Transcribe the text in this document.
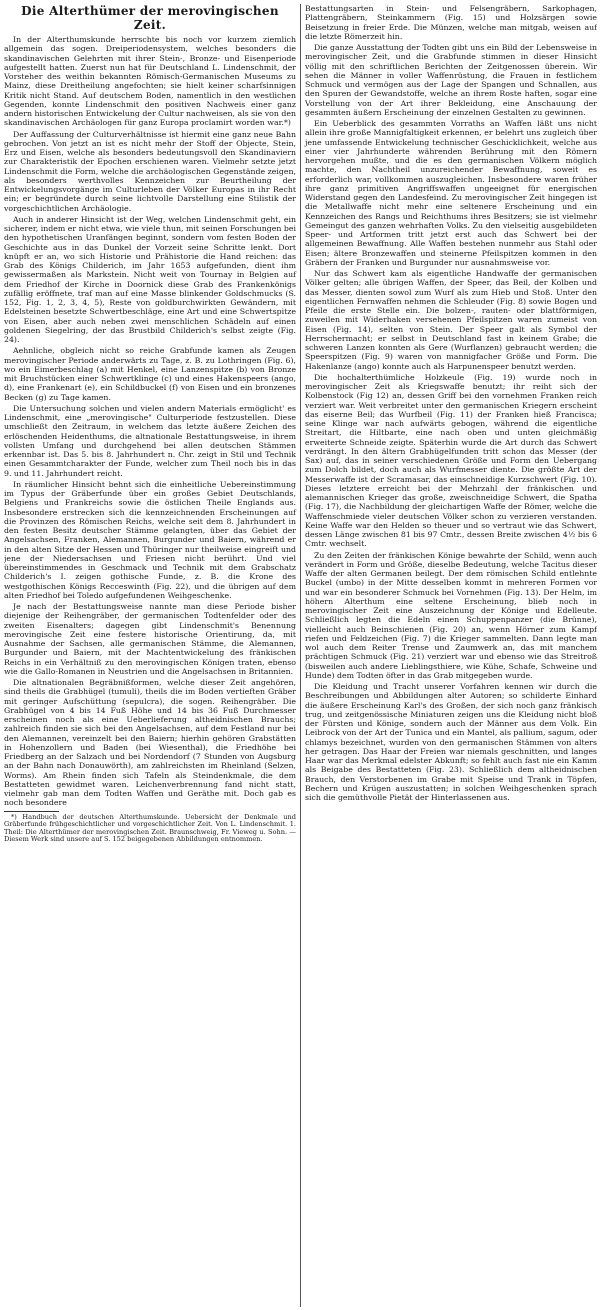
Die Alterthümer der merovingischen Zeit.

In der Alterthumskunde herrschte bis noch vor kurzem ziemlich allgemein das sogen. Dreiperiodensystem, welches besonders die skandinavischen Gelehrten mit ihrer Stein-, Bronze- und Eisenperiode aufgestellt hatten. Zuerst nun hat für Deutschland L. Lindenschmit, der Vorsteher des weithin bekannten Römisch-Germanischen Museums zu Mainz, diese Dreitheilung angefochten; sie hielt keiner scharfsinnigen Kritik nicht Stand. Auf deutschem Boden, namentlich in den westlichen Gegenden, konnte Lindenschmit den positiven Nachweis einer ganz andern historischen Entwickelung der Cultur nachweisen, als sie von den skandinavischen Archäologen für ganz Europa proclamirt worden war.*)

Der Auffassung der Culturverhältnisse ist hiermit eine ganz neue Bahn gebrochen. Von jetzt an ist es nicht mehr der Stoff der Objecte, Stein, Erz und Eisen, welche als besonders bedeutungsvoll den Skandinaviern zur Charakteristik der Epochen erschienen waren. Vielmehr setzte jetzt Lindenschmit die Form, welche die archäologischen Gegenstände zeigen, als besonders werthvolles Kennzeichen zur Beurtheilung der Entwickelungsvorgänge im Culturleben der Völker Europas in ihr Recht ein; er begründete durch seine lichtvolle Darstellung eine Stilistik der vorgeschichtlichen Archäologie.

Auch in anderer Hinsicht ist der Weg, welchen Lindenschmit geht, ein sicherer, indem er nicht etwa, wie viele thun, mit seinen Forschungen bei den hypothetischen Uranfängen beginnt, sondern vom festen Boden der Geschichte aus in das Dunkel der Vorzeit seine Schritte lenkt. Dort knüpft er an, wo sich Historie und Prähistorie die Hand reichen: das Grab des Königs Childerich, im Jahr 1653 aufgefunden, dient ihm gewissermaßen als Markstein. Nicht weit von Tournay in Belgien auf dem Friedhof der Kirche in Doornick diese Grab des Frankenkönigs zufällig eröffnete, traf man auf eine Masse blinkender Goldschmucks (S. 152, Fig. 1, 2, 3, 4, 5), Reste von goldburchwirkten Gewändern, mit Edelsteinen besetzte Schwertbeschläge, eine Art und eine Schwertspitze von Eisen, aber auch neben zwei menschlichen Schädeln auf einen goldenen Siegelring, der das Brustbild Childerich's selbst zeigte (Fig. 24).

Aehnliche, obgleich nicht so reiche Grabfunde kamen als Zeugen merovingischer Periode anderwärts zu Tage, z. B. zu Lothringen (Fig. 6), wo ein Eimerbeschlag (a) mit Henkel, eine Lanzenspitze (b) von Bronze mit Bruchstücken einer Schwertklinge (c) und eines Hakenspeers (ango, d), eine Frankenart (e), ein Schildbuckel (f) von Eisen und ein bronzenes Becken (g) zu Tage kamen.

Die Untersuchung solchen und vielen andern Materials ermöglicht' es Lindenschmit, eine „merovingische" Culturperiode festzustellen. Diese umschließt den Zeitraum, in welchem das letzte äußere Zeichen des erlöschenden Heidenthums, die altnationale Bestattungsweise, in ihrem vollsten Umfang und durchgehend bei allen deutschen Stämmen erkennbar ist. Das 5. bis 8. Jahrhundert n. Chr. zeigt in Stil und Technik einen Gesammtcharakter der Funde, welcher zum Theil noch bis in das 9. und 11. Jahrhundert reicht.

In räumlicher Hinsicht behnt sich die einheitliche Uebereinstimmung im Typus der Gräberfunde über ein großes Gebiet Deutschlands, Belgiens und Frankreichs sowie die östlichen Theile Englands aus. Insbesondere erstrecken sich die kennzeichnenden Erscheinungen auf die Provinzen des Römischen Reichs, welche seit dem 8. Jahrhundert in den festen Besitz deutscher Stämme gelangten, über das Gebiet der Angelsachsen, Franken, Alemannen, Burgunder und Baiern, während er in den alten Sitze der Hessen und Thüringer nur theilweise eingreift und jene der Niedersachsen und Friesen nicht berührt. Und viel übereinstimmendes in Geschmack und Technik mit dem Grabschatz Childerich's I. zeigen gothische Funde, z. B. die Krone des westgothischen Königs Recceswinth (Fig. 22), und die übrigen auf dem alten Friedhof bei Toledo aufgefundenen Weihgeschenke.

Je nach der Bestattungsweise nannte man diese Periode bisher diejenige der Reihengräber, der germanischen Todtenfelder oder des zweiten Eisenalters; dagegen gibt Lindenschmit's Benennung merovingische Zeit eine festere historische Orientirung, da, mit Ausnahme der Sachsen, alle germanischen Stämme, die Alemannen, Burgunder und Baiern, mit der Machtentwickelung des fränkischen Reichs in ein Verhältniß zu den merovingischen Königen traten, ebenso wie die Gallo-Romanen in Neustrien und die Angelsachsen in Britannien.

Die altnationalen Begräbnißformen, welche dieser Zeit angehören, sind theils die Grabhügel (tumuli), theils die im Boden vertieften Gräber mit geringer Aufschüttung (sepulcra), die sogen. Reihengräber. Die Grabhügel von 4 bis 14 Fuß Höhe und 14 bis 36 Fuß Durchmesser erscheinen noch als eine Ueberlieferung altheidnischen Brauchs; zahlreich finden sie sich bei den Angelsachsen, auf dem Festland nur bei den Alemannen, vereinzelt bei den Baiern; hierhin gehören Grabstätten in Hohenzollern und Baden (bei Wiesenthal), die Friedhöhe bei Friedberg an der Salzach und bei Nordendorf (7 Stunden von Augsburg an der Bahn nach Donauwörth), am zahlreichsten im Rheinland (Selzen, Worms). Am Rhein finden sich Tafeln als Steindenkmale, die dem Bestatteten gewidmet waren. Leichenverbrennung fand nicht statt, vielmehr gab man dem Todten Waffen und Geräthe mit. Doch gab es noch besondere

*) Handbuch der deutschen Alterthumskunde. Uebersicht der Denkmale und Gräberfunde frühgeschichtlicher und vorgeschichtlicher Zeit. Von L. Lindenschmit. 1. Theil: Die Alterthümer der merovingischen Zeit. Braunschweig, Fr. Vieweg u. Sohn. — Diesem Werk sind unsere auf S. 152 beigegebenen Abbildungen entnommen.

Bestattungsarten in Stein- und Felsengräbern, Sarkophagen, Plattengräbern, Steinkammern (Fig. 15) und Holzsärgen sowie Beisetzung in freier Erde. Die Münzen, welche man mitgab, weisen auf die letzte Römerzeit hin.

Die ganze Ausstattung der Todten gibt uns ein Bild der Lebensweise in merovingischer Zeit, und die Grabfunde stimmen in dieser Hinsicht völlig mit den schriftlichen Berichten der Zeitgenossen überein. Wir sehen die Männer in voller Waffenrüstung, die Frauen in festlichem Schmuck und vermögen aus der Lage der Spangen und Schnallen, aus den Spuren der Gewandstoffe, welche an ihrem Roste haften, sogar eine Vorstellung von der Art ihrer Bekleidung, eine Anschauung der gesammten äußern Erscheinung der einzelnen Gestalten zu gewinnen.

Ein Ueberblick des gesammten Vorraths an Waffen läßt uns nicht allein ihre große Mannigfaltigkeit erkennen, er belehrt uns zugleich über jene umfassende Entwickelung technischer Geschicklichkeit, welche aus einer vier Jahrhunderte währenden Berührung mit den Römern hervorgehen mußte, und die es den germanischen Völkern möglich machte, den Nachtheil unzureichender Bewaffnung, soweit es erforderlich war, vollkommen auszugleichen. Insbesondere waren früher ihre ganz primitiven Angriffswaffen ungeeignet für energischen Widerstand gegen den Landesfeind. Zu merovingischer Zeit hingegen ist die Metallwaffe nicht mehr eine seltenere Erscheinung und ein Kennzeichen des Rangs und Reichthums ihres Besitzers; sie ist vielmehr Gemeingut des ganzen wehrhaften Volks. Zu den vielseitig ausgebildeten Speer- und Artformen tritt jetzt erst auch das Schwert bei der allgemeinen Bewaffnung. Alle Waffen bestehen nunmehr aus Stahl oder Eisen; ältere Bronzewaffen und steinerne Pfeilspitzen kommen in den Gräbern der Franken und Burgunder nur ausnahmsweise vor.

Nur das Schwert kam als eigentliche Handwaffe der germanischen Völker gelten; alle übrigen Waffen, der Speer, das Beil, der Kolben und das Messer, dienten sowol zum Wurf als zum Hieb und Stoß. Unter den eigentlichen Fernwaffen nehmen die Schleuder (Fig. 8) sowie Bogen und Pfeile die erste Stelle ein. Die bolzen-, rauten- oder blattförmigen, zuweilen mit Widerhaken versehenen Pfeilspitzen waren zumeist von Eisen (Fig. 14), selten von Stein. Der Speer galt als Symbol der Herrschermacht; er selbst in Deutschland fast in keinem Grabe; die schweren Lanzen konnten als Gere (Wurflanzen) gebraucht werden; die Speerspitzen (Fig. 9) waren von mannigfacher Größe und Form. Die Hakenlanze (ango) konnte auch als Harpunenspeer benutzt werden.

Die hochalterthümliche Holzkeule (Fig. 19) wurde noch in merovingischer Zeit als Kriegswaffe benutzt; ihr reiht sich der Kolbenstock (Fig 12) an, dessen Griff bei den vornehmen Franken reich verziert war. Weit verbreitet unter den germanischen Kriegern erscheint das eiserne Beil; das Wurfbeil (Fig. 11) der Franken hieß Francisca; seine Klinge war nach aufwärts gebogen, während die eigentliche Streitart, die Hiltbarte, eine nach oben und unten gleichmäßig erweiterte Schneide zeigte. Späterhin wurde die Art durch das Schwert verdrängt. In den ältern Grabhügelfunden tritt schon das Messer (der Sax) auf, das in seiner verschiedenen Größe und Form den Uebergang zum Dolch bildet, doch auch als Wurfmesser diente. Die größte Art der Messerwaffe ist der Scramasar, das einschneidige Kurzschwert (Fig. 10). Dieses letztere erreicht bei der Mehrzahl der fränkischen und alemannischen Krieger das große, zweischneidige Schwert, die Spatha (Fig. 17), die Nachbildung der gleichartigen Waffe der Römer, welche die Waffenschmiede vieler deutschen Völker schon zu verzieren verstanden. Keine Waffe war den Helden so theuer und so vertraut wie das Schwert, dessen Länge zwischen 81 bis 97 Cmtr., dessen Breite zwischen 4½ bis 6 Cmtr. wechselt.

Zu den Zeiten der fränkischen Könige bewahrte der Schild, wenn auch verändert in Form und Größe, dieselbe Bedeutung, welche Tacitus dieser Waffe der alten Germanen beilegt. Der dem römischen Schild entlehnte Buckel (umbo) in der Mitte desselben kommt in mehreren Formen vor und war ein besonderer Schmuck bei Vornehmen (Fig. 13). Der Helm, im höhern Alterthum eine seltene Erscheinung, blieb noch in merovingischer Zeit eine Auszeichnung der Könige und Edelleute. Schließlich legten die Edeln einen Schuppenpanzer (die Brünne), vielleicht auch Beinschienen (Fig. 20) an, wenn Hörner zum Kampf riefen und Feldzeichen (Fig. 7) die Krieger sammelten. Dann legte man wol auch dem Reiter Trense und Zaumwerk an, das mit manchem prächtigen Schmuck (Fig. 21) verziert war und ebenso wie das Streitroß (bisweilen auch andere Lieblingsthiere, wie Kühe, Schafe, Schweine und Hunde) dem Todten öfter in das Grab mitgegeben wurde.

Die Kleidung und Tracht unserer Vorfahren kennen wir durch die Beschreibungen und Abbildungen alter Autoren; so schilderte Einhard die äußere Erscheinung Karl's des Großen, der sich noch ganz fränkisch trug, und zeitgenössische Miniaturen zeigen uns die Kleidung nicht bloß der Fürsten und Könige, sondern auch der Männer aus dem Volk. Ein Leibrock von der Art der Tunica und ein Mantel, als pallium, sagum, oder chlamys bezeichnet, wurden von den germanischen Stämmen von alters her getragen. Das Haar der Freien war niemals geschnitten, und langes Haar war das Merkmal edelster Abkunft; so fehlt auch fast nie ein Kamm als Beigabe des Bestatteten (Fig. 23). Schließlich dem altheidnischen Brauch, den Verstorbenen im Grabe mit Speise und Trank in Töpfen, Bechern und Krügen auszustatten; in solchen Weihgeschenken sprach sich die gemüthvolle Pietät der Hinterlassenen aus.
